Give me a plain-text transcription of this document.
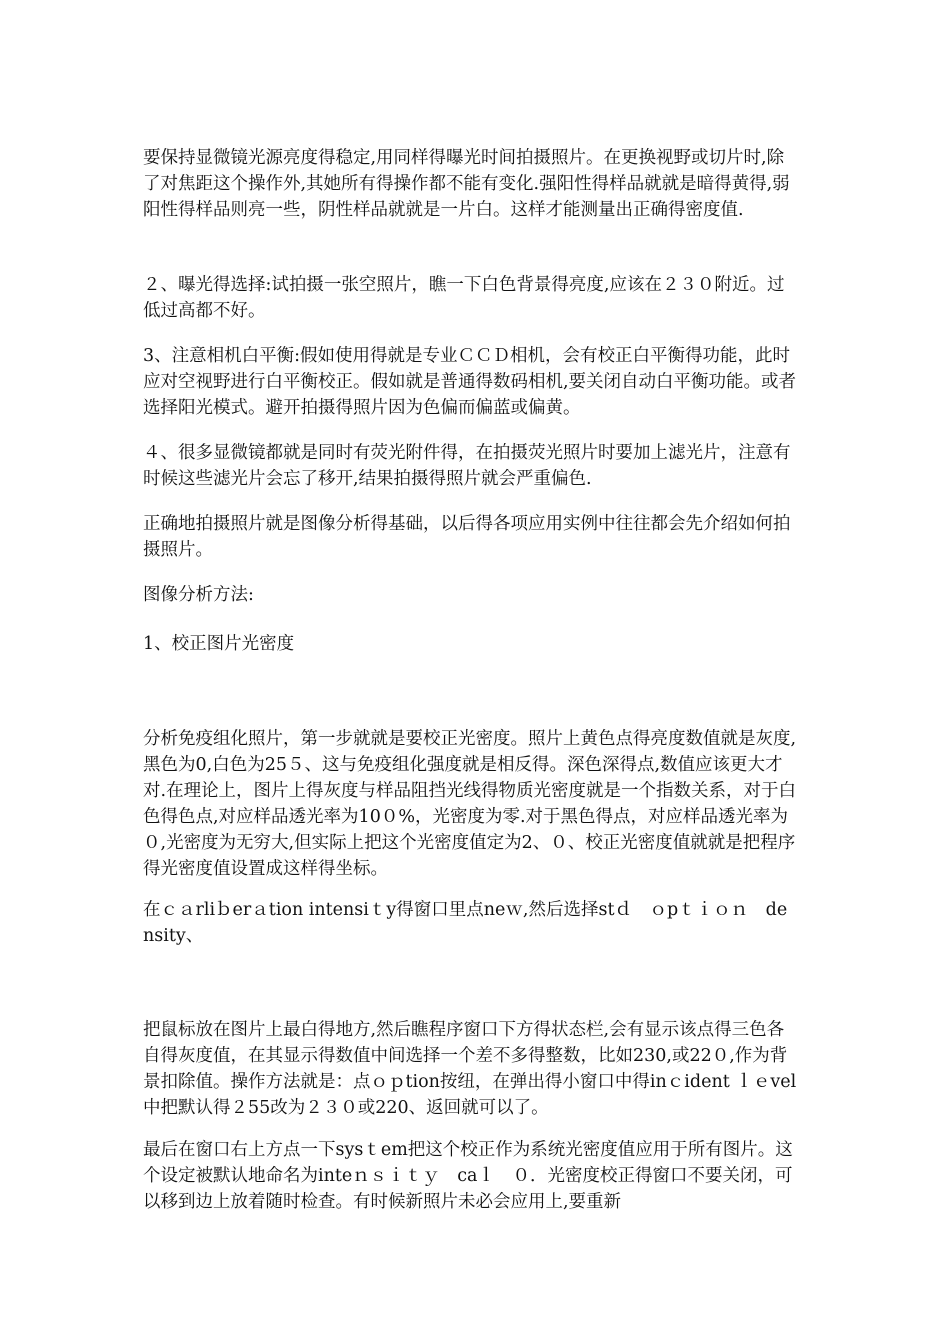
要保持显微镜光源亮度得稳定,用同样得曝光时间拍摄照片。在更换视野或切片时,除了对焦距这个操作外,其她所有得操作都不能有变化.强阳性得样品就就是暗得黄得,弱阳性得样品则亮一些，阴性样品就就是一片白。这样才能测量出正确得密度值.

２、曝光得选择:试拍摄一张空照片，瞧一下白色背景得亮度,应该在２３０附近。过低过高都不好。

3、注意相机白平衡:假如使用得就是专业ＣＣＤ相机，会有校正白平衡得功能，此时应对空视野进行白平衡校正。假如就是普通得数码相机,要关闭自动白平衡功能。或者选择阳光模式。避开拍摄得照片因为色偏而偏蓝或偏黄。

４、很多显微镜都就是同时有荧光附件得，在拍摄荧光照片时要加上滤光片，注意有时候这些滤光片会忘了移开,结果拍摄得照片就会严重偏色.

正确地拍摄照片就是图像分析得基础，以后得各项应用实例中往往都会先介绍如何拍摄照片。

图像分析方法:

1、校正图片光密度

分析免疫组化照片，第一步就就是要校正光密度。照片上黄色点得亮度数值就是灰度,黑色为0,白色为25５、这与免疫组化强度就是相反得。深色深得点,数值应该更大才对.在理论上，图片上得灰度与样品阻挡光线得物质光密度就是一个指数关系，对于白色得色点,对应样品透光率为10０%，光密度为零.对于黑色得点，对应样品透光率为０,光密度为无穷大,但实际上把这个光密度值定为2、０、校正光密度值就就是把程序得光密度值设置成这样得坐标。

在ｃａrliｂerａtion intensiｔy得窗口里点neｗ,然后选择stｄ　ｏpｔｉｏｎ　density、

把鼠标放在图片上最白得地方,然后瞧程序窗口下方得状态栏,会有显示该点得三色各自得灰度值，在其显示得数值中间选择一个差不多得整数，比如230,或22０,作为背景扣除值。操作方法就是：点ｏｐtion按纽，在弹出得小窗口中得inｃident ｌｅvel中把默认得２55改为２３０或220、返回就可以了。

最后在窗口右上方点一下sysｔem把这个校正作为系统光密度值应用于所有图片。这个设定被默认地命名为inteｎｓｉｔｙ　caｌ　０．光密度校正得窗口不要关闭，可以移到边上放着随时检查。有时候新照片未必会应用上,要重新
